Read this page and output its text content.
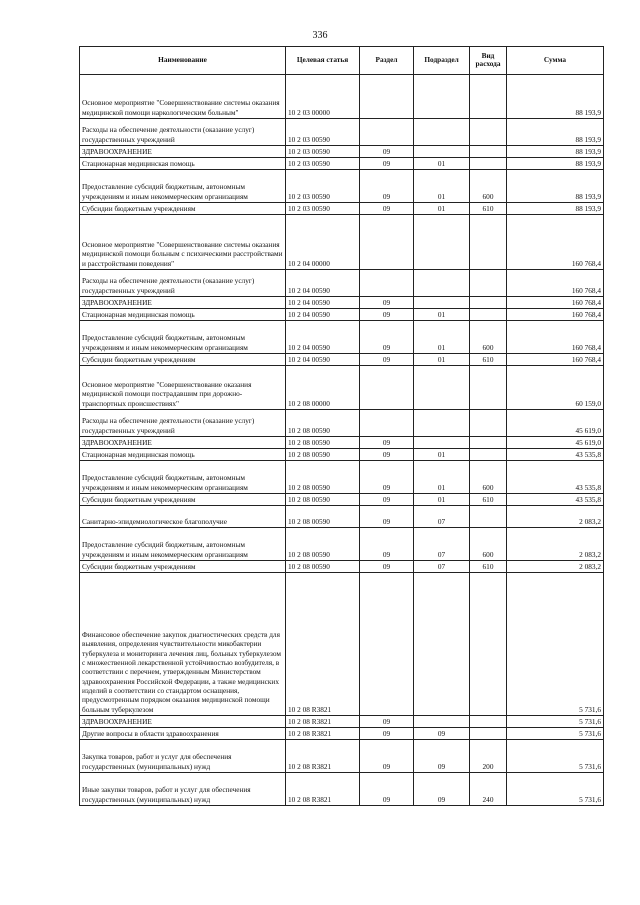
336
Наименование	Целевая статья	Раздел	Подраздел	Вид расхода	Сумма
Основное мероприятие "Совершенствование системы оказания медицинской помощи наркологическим больным"	10 2 03 00000				88 193,9
Расходы на обеспечение деятельности (оказание услуг) государственных учреждений	10 2 03 00590				88 193,9
ЗДРАВООХРАНЕНИЕ	10 2 03 00590	09			88 193,9
Стационарная медицинская помощь	10 2 03 00590	09	01		88 193,9
Предоставление субсидий бюджетным, автономным учреждениям и иным некоммерческим организациям	10 2 03 00590	09	01	600	88 193,9
Субсидии бюджетным учреждениям	10 2 03 00590	09	01	610	88 193,9
Основное мероприятие "Совершенствование системы оказания медицинской помощи больным с психическими расстройствами и расстройствами поведения"	10 2 04 00000				160 768,4
Расходы на обеспечение деятельности (оказание услуг) государственных учреждений	10 2 04 00590				160 768,4
ЗДРАВООХРАНЕНИЕ	10 2 04 00590	09			160 768,4
Стационарная медицинская помощь	10 2 04 00590	09	01		160 768,4
Предоставление субсидий бюджетным, автономным учреждениям и иным некоммерческим организациям	10 2 04 00590	09	01	600	160 768,4
Субсидии бюджетным учреждениям	10 2 04 00590	09	01	610	160 768,4
Основное мероприятие "Совершенствование оказания медицинской помощи пострадавшим при дорожно-транспортных происшествиях"	10 2 08 00000				60 159,0
Расходы на обеспечение деятельности (оказание услуг) государственных учреждений	10 2 08 00590				45 619,0
ЗДРАВООХРАНЕНИЕ	10 2 08 00590	09			45 619,0
Стационарная медицинская помощь	10 2 08 00590	09	01		43 535,8
Предоставление субсидий бюджетным, автономным учреждениям и иным некоммерческим организациям	10 2 08 00590	09	01	600	43 535,8
Субсидии бюджетным учреждениям	10 2 08 00590	09	01	610	43 535,8
Санитарно-эпидемиологическое благополучие	10 2 08 00590	09	07		2 083,2
Предоставление субсидий бюджетным, автономным учреждениям и иным некоммерческим организациям	10 2 08 00590	09	07	600	2 083,2
Субсидии бюджетным учреждениям	10 2 08 00590	09	07	610	2 083,2
Финансовое обеспечение закупок диагностических средств для выявления, определения чувствительности микобактерии туберкулеза и мониторинга лечения лиц, больных туберкулезом с множественной лекарственной устойчивостью возбудителя, в соответствии с перечнем, утвержденным Министерством здравоохранения Российской Федерации, а также медицинских изделий в соответствии со стандартом оснащения, предусмотренным порядком оказания медицинской помощи больным туберкулезом	10 2 08 R3821				5 731,6
ЗДРАВООХРАНЕНИЕ	10 2 08 R3821	09			5 731,6
Другие вопросы в области здравоохранения	10 2 08 R3821	09	09		5 731,6
Закупка товаров, работ и услуг для обеспечения государственных (муниципальных) нужд	10 2 08 R3821	09	09	200	5 731,6
Иные закупки товаров, работ и услуг для обеспечения государственных (муниципальных) нужд	10 2 08 R3821	09	09	240	5 731,6
